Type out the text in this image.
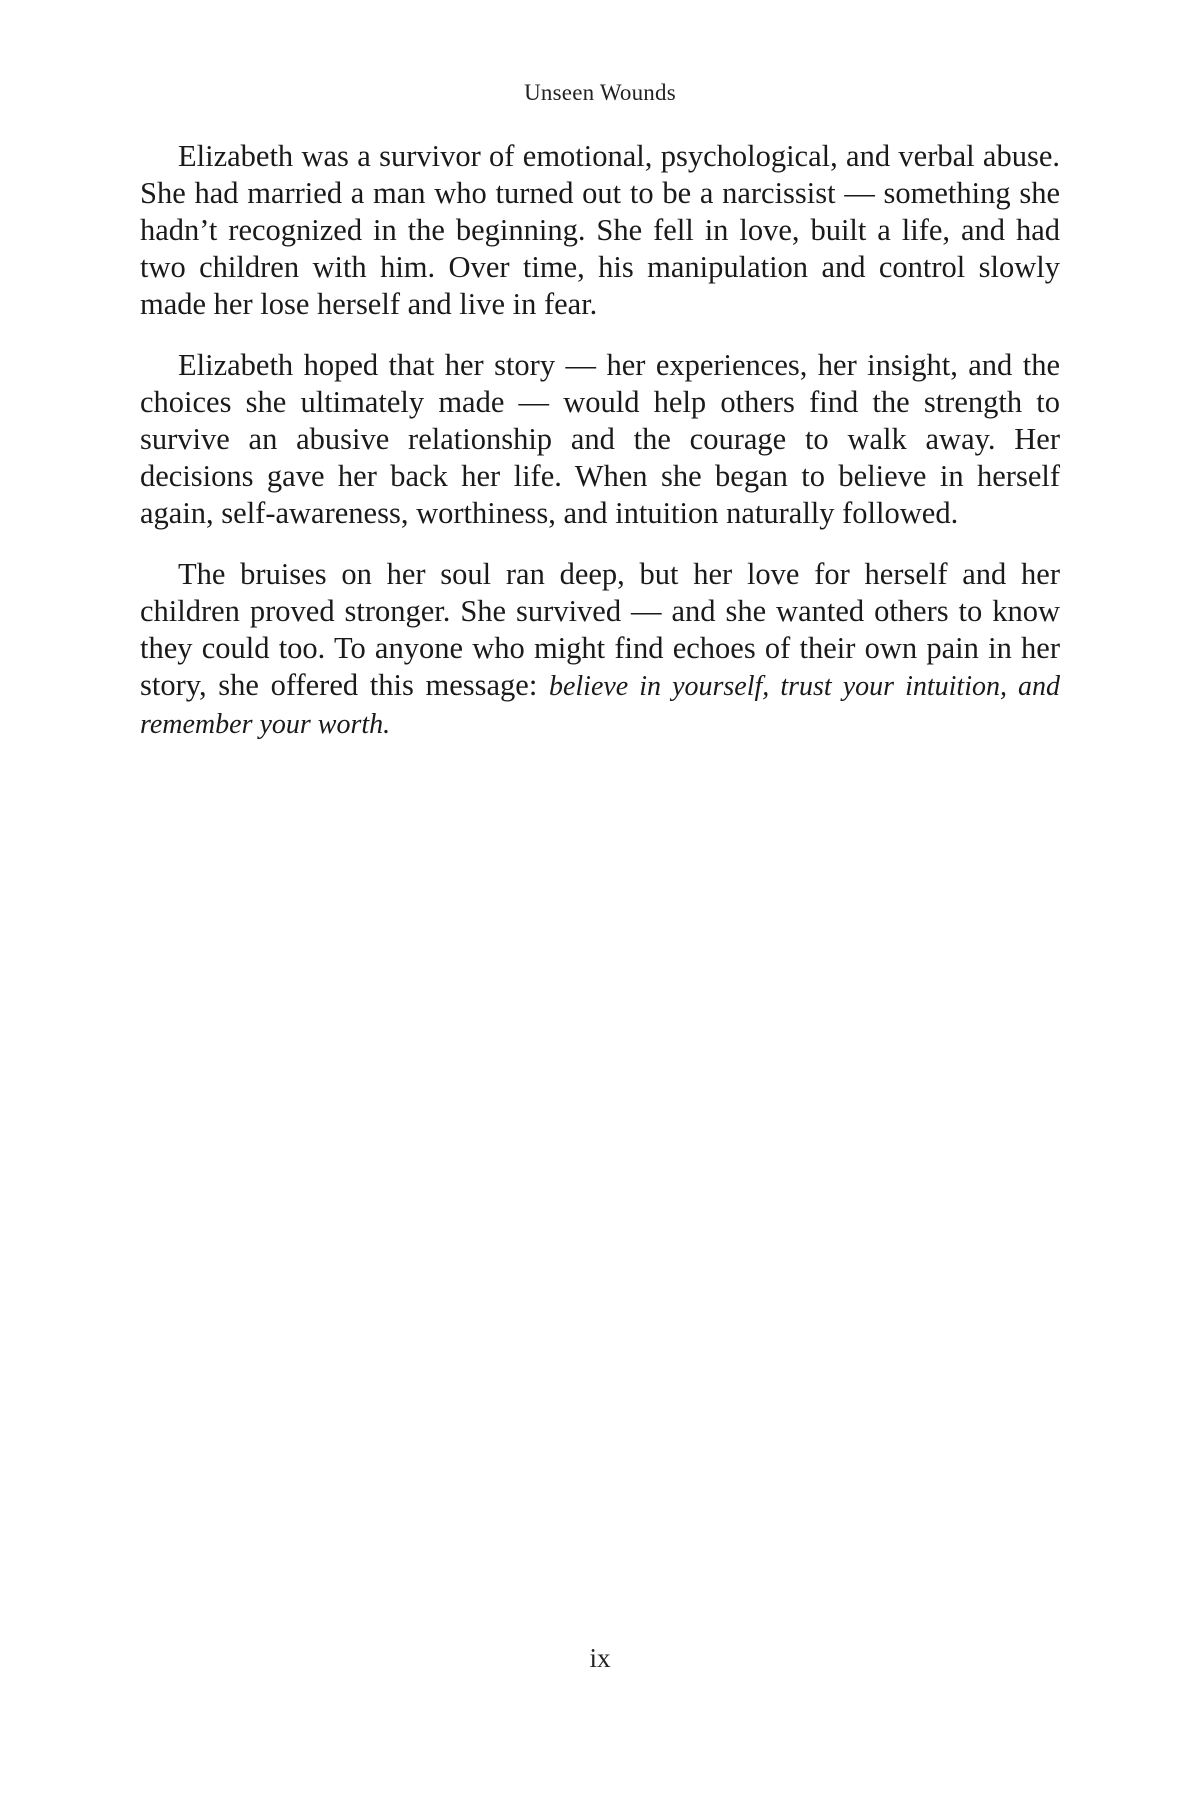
Unseen Wounds

Elizabeth was a survivor of emotional, psychological, and verbal abuse. She had married a man who turned out to be a narcissist — something she hadn’t recognized in the beginning. She fell in love, built a life, and had two children with him. Over time, his manipulation and control slowly made her lose herself and live in fear.

Elizabeth hoped that her story — her experiences, her insight, and the choices she ultimately made — would help others find the strength to survive an abusive relationship and the courage to walk away. Her decisions gave her back her life. When she began to believe in herself again, self-awareness, worthiness, and intuition naturally followed.

The bruises on her soul ran deep, but her love for herself and her children proved stronger. She survived — and she wanted others to know they could too. To anyone who might find echoes of their own pain in her story, she offered this message: believe in yourself, trust your intuition, and remember your worth.

ix
